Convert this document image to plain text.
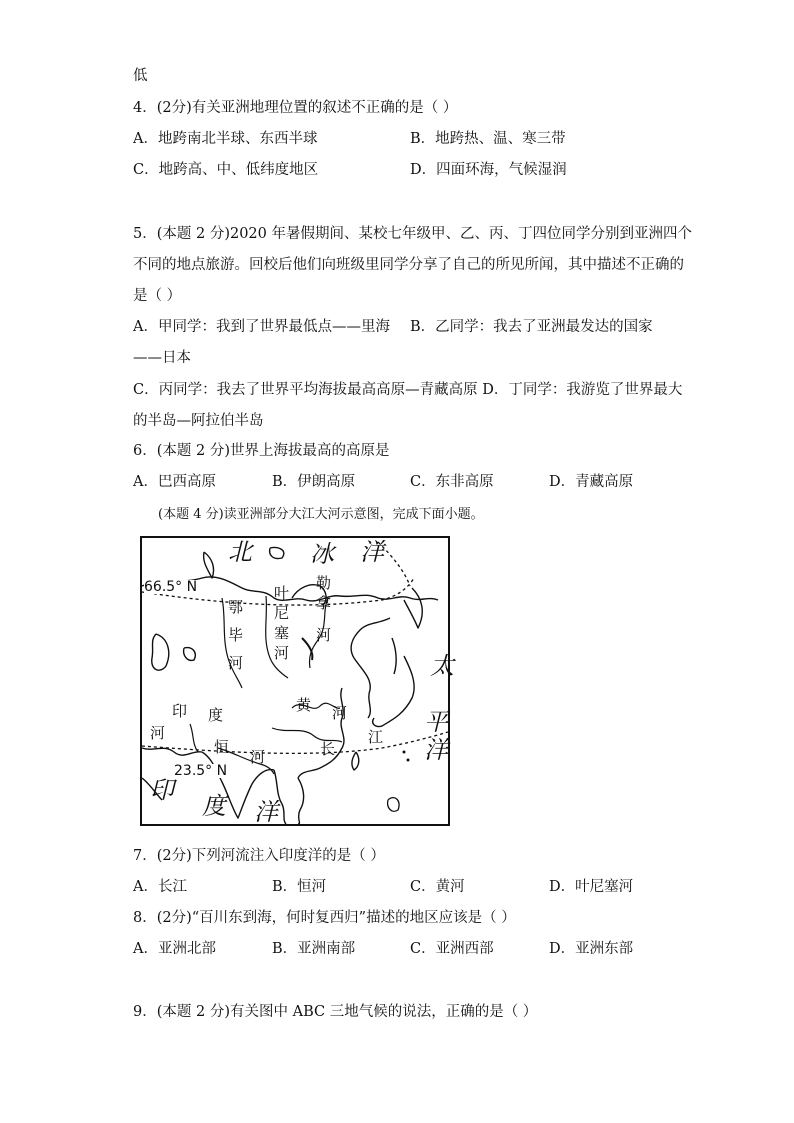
低
4．(2分)有关亚洲地理位置的叙述不正确的是（ ）
A．地跨南北半球、东西半球	B．地跨热、温、寒三带
C．地跨高、中、低纬度地区	D．四面环海，气候湿润
5．(本题 2 分)2020 年暑假期间、某校七年级甲、乙、丙、丁四位同学分别到亚洲四个
不同的地点旅游。回校后他们向班级里同学分享了自己的所见所闻，其中描述不正确的
是（ ）
A．甲同学：我到了世界最低点——里海 B．乙同学：我去了亚洲最发达的国家
——日本
C．丙同学：我去了世界平均海拔最高高原—青藏高原 D．丁同学：我游览了世界最大
的半岛—阿拉伯半岛
6．(本题 2 分)世界上海拔最高的高原是
A．巴西高原	B．伊朗高原	C．东非高原	D．青藏高原
(本题 4 分)读亚洲部分大江大河示意图，完成下面小题。
北 冰 洋
太
平
洋
印
度 洋
66.5° N
23.5° N
鄂
毕
河
叶
尼
塞
河
勒
拿
河
印 度
河
恒
河
黄 河
长
江
7．(2分)下列河流注入印度洋的是（ ）
A．长江	B．恒河	C．黄河	D．叶尼塞河
8．(2分)“百川东到海，何时复西归”描述的地区应该是（ ）
A．亚洲北部	B．亚洲南部	C．亚洲西部	D．亚洲东部
9．(本题 2 分)有关图中 ABC 三地气候的说法，正确的是（ ）
